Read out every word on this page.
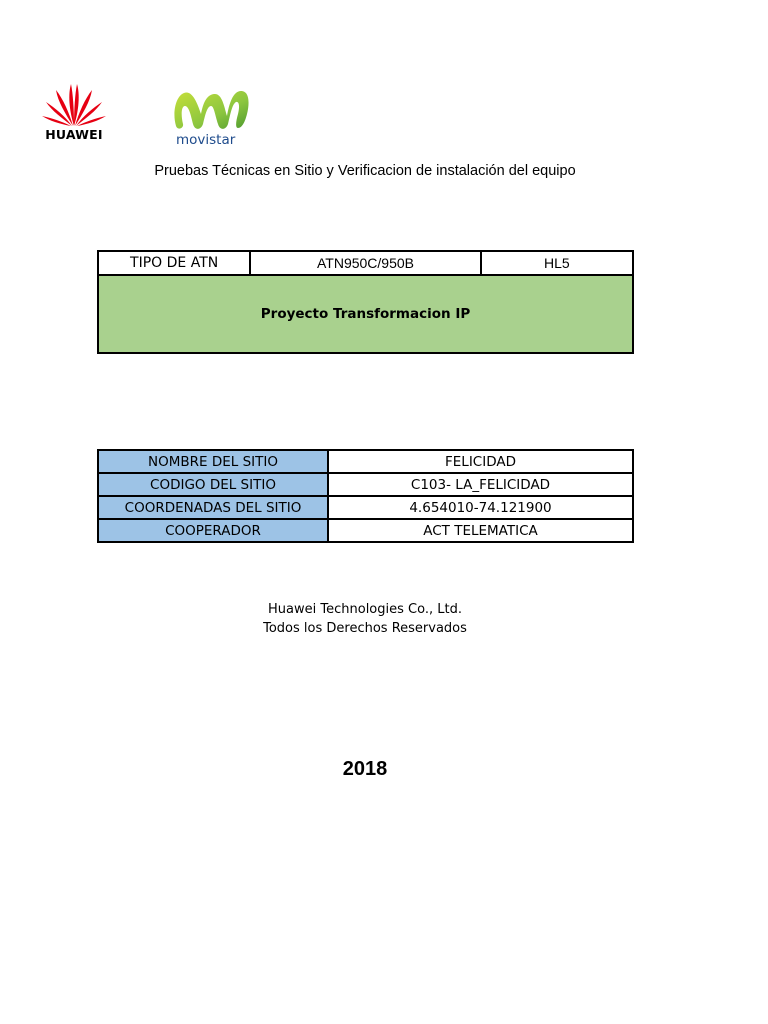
HUAWEI	movistar
Pruebas Técnicas en Sitio y Verificacion de instalación del equipo
TIPO DE ATN	ATN950C/950B	HL5
Proyecto Transformacion IP
NOMBRE DEL SITIO	FELICIDAD
CODIGO DEL SITIO	C103- LA_FELICIDAD
COORDENADAS DEL SITIO	4.654010-74.121900
COOPERADOR	ACT TELEMATICA
Huawei Technologies Co., Ltd.
Todos los Derechos Reservados
2018
